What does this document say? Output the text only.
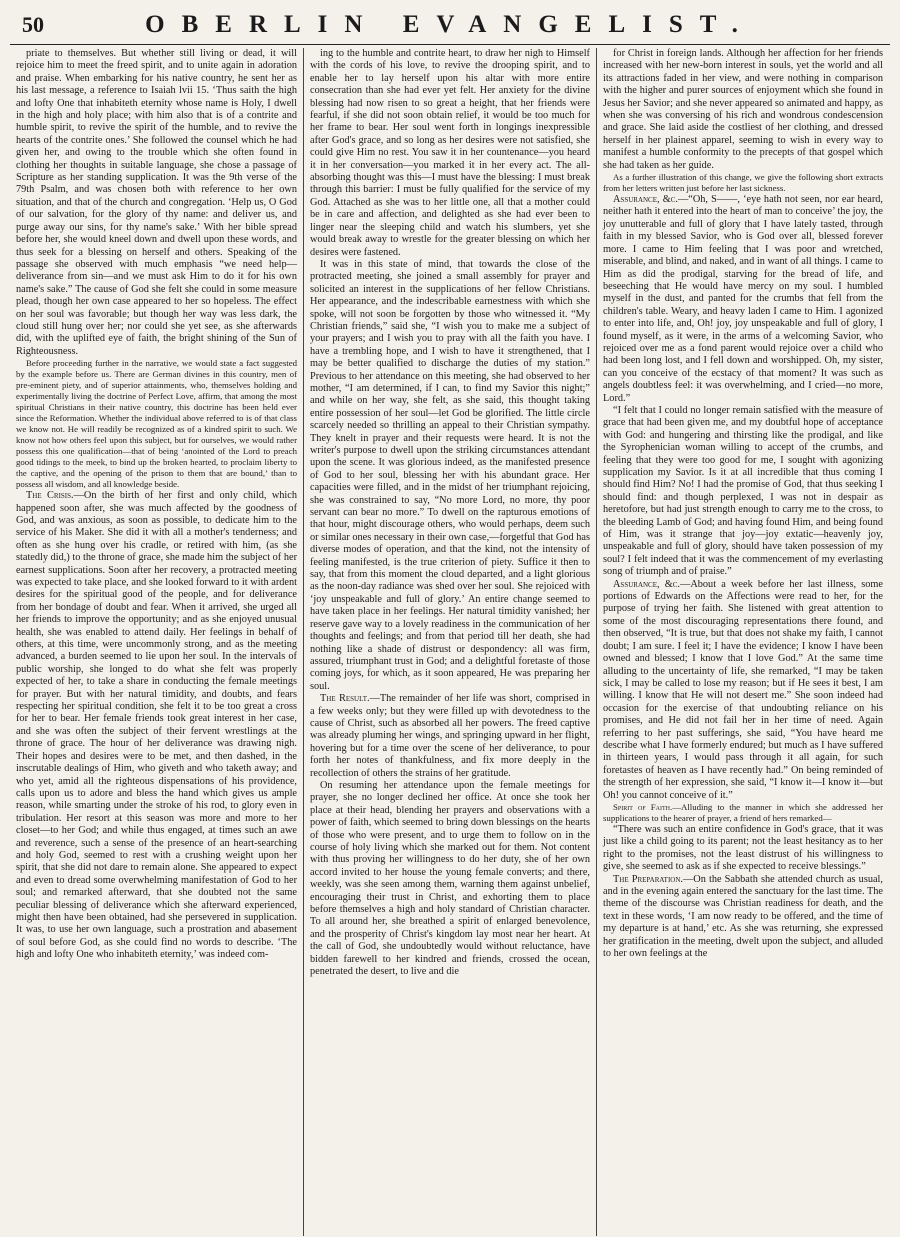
50	OBERLIN EVANGELIST.

priate to themselves. But whether still living or dead, it will rejoice him to meet the freed spirit, and to unite again in adoration and praise. When embarking for his native country, he sent her as his last message, a reference to Isaiah lvii 15. ‘Thus saith the high and lofty One that inhabiteth eternity whose name is Holy, I dwell in the high and holy place; with him also that is of a contrite and humble spirit, to revive the spirit of the humble, and to revive the hearts of the contrite ones.’ She followed the counsel which he had given her, and owing to the trouble which she often found in clothing her thoughts in suitable language, she chose a passage of Scripture as her standing supplication. It was the 9th verse of the 79th Psalm, and was chosen both with reference to her own situation, and that of the church and congregation. ‘Help us, O God of our salvation, for the glory of thy name: and deliver us, and purge away our sins, for thy name's sake.’ With her bible spread before her, she would kneel down and dwell upon these words, and thus seek for a blessing on herself and others. Speaking of the passage she observed with much emphasis “we need help—deliverance from sin—and we must ask Him to do it for his own name's sake.” The cause of God she felt she could in some measure plead, though her own case appeared to her so hopeless. The effect on her soul was favorable; but though her way was less dark, the cloud still hung over her; nor could she yet see, as she afterwards did, with the uplifted eye of faith, the bright shining of the Sun of Righteousness.

Before proceeding further in the narrative, we would state a fact suggested by the example before us. There are German divines in this country, men of pre-eminent piety, and of superior attainments, who, themselves holding and experimentally living the doctrine of Perfect Love, affirm, that among the most spiritual Christians in their native country, this doctrine has been held ever since the Reformation. Whether the individual above referred to is of that class we know not. He will readily be recognized as of a kindred spirit to such. We know not how others feel upon this subject, but for ourselves, we would rather possess this one qualification—that of being ‘anointed of the Lord to preach good tidings to the meek, to bind up the broken hearted, to proclaim liberty to the captive, and the opening of the prison to them that are bound,’ than to possess all wisdom, and all knowledge beside.

The Crisis.—On the birth of her first and only child, which happened soon after, she was much affected by the goodness of God, and was anxious, as soon as possible, to dedicate him to the service of his Maker. She did it with all a mother's tenderness; and often as she hung over his cradle, or retired with him, (as she statedly did,) to the throne of grace, she made him the subject of her earnest supplications. Soon after her recovery, a protracted meeting was expected to take place, and she looked forward to it with ardent desires for the spiritual good of the people, and for deliverance from her bondage of doubt and fear. When it arrived, she urged all her friends to improve the opportunity; and as she enjoyed unusual health, she was enabled to attend daily. Her feelings in behalf of others, at this time, were uncommonly strong, and as the meeting advanced, a burden seemed to lie upon her soul. In the intervals of public worship, she longed to do what she felt was properly expected of her, to take a share in conducting the female meetings for prayer. But with her natural timidity, and doubts, and fears respecting her spiritual condition, she felt it to be too great a cross for her to bear. Her female friends took great interest in her case, and she was often the subject of their fervent wrestlings at the throne of grace. The hour of her deliverance was drawing nigh. Their hopes and desires were to be met, and then dashed, in the inscrutable dealings of Him, who giveth and who taketh away; and who yet, amid all the righteous dispensations of his providence, calls upon us to adore and bless the hand which gives us ample reason, while smarting under the stroke of his rod, to glory even in tribulation. Her resort at this season was more and more to her closet—to her God; and while thus engaged, at times such an awe and reverence, such a sense of the presence of an heart-searching and holy God, seemed to rest with a crushing weight upon her spirit, that she did not dare to remain alone. She appeared to expect and even to dread some overwhelming manifestation of God to her soul; and remarked afterward, that she doubted not the same peculiar blessing of deliverance which she afterward experienced, might then have been obtained, had she persevered in supplication. It was, to use her own language, such a prostration and abasement of soul before God, as she could find no words to describe. ‘The high and lofty One who inhabiteth eternity,’ was indeed com-

ing to the humble and contrite heart, to draw her nigh to Himself with the cords of his love, to revive the drooping spirit, and to enable her to lay herself upon his altar with more entire consecration than she had ever yet felt. Her anxiety for the divine blessing had now risen to so great a height, that her friends were fearful, if she did not soon obtain relief, it would be too much for her frame to bear. Her soul went forth in longings inexpressible after God's grace, and so long as her desires were not satisfied, she could give Him no rest. You saw it in her countenance—you heard it in her conversation—you marked it in her every act. The all-absorbing thought was this—I must have the blessing: I must break through this barrier: I must be fully qualified for the service of my God. Attached as she was to her little one, all that a mother could be in care and affection, and delighted as she had ever been to linger near the sleeping child and watch his slumbers, yet she would break away to wrestle for the greater blessing on which her desires were fastened.

It was in this state of mind, that towards the close of the protracted meeting, she joined a small assembly for prayer and solicited an interest in the supplications of her fellow Christians. Her appearance, and the indescribable earnestness with which she spoke, will not soon be forgotten by those who witnessed it. “My Christian friends,” said she, “I wish you to make me a subject of your prayers; and I wish you to pray with all the faith you have. I have a trembling hope, and I wish to have it strengthened, that I may be better qualified to discharge the duties of my station.” Previous to her attendance on this meeting, she had observed to her mother, “I am determined, if I can, to find my Savior this night;” and while on her way, she felt, as she said, this thought taking entire possession of her soul—let God be glorified. The little circle scarcely needed so thrilling an appeal to their Christian sympathy. They knelt in prayer and their requests were heard. It is not the writer's purpose to dwell upon the striking circumstances attendant upon the scene. It was glorious indeed, as the manifested presence of God to her soul, blessing her with his abundant grace. Her capacities were filled, and in the midst of her triumphant rejoicing, she was constrained to say, “No more Lord, no more, thy poor servant can bear no more.” To dwell on the rapturous emotions of that hour, might discourage others, who would perhaps, deem such or similar ones necessary in their own case,—forgetful that God has diverse modes of operation, and that the kind, not the intensity of feeling manifested, is the true criterion of piety. Suffice it then to say, that from this moment the cloud departed, and a light glorious as the noon-day radiance was shed over her soul. She rejoiced with ‘joy unspeakable and full of glory.’ An entire change seemed to have taken place in her feelings. Her natural timidity vanished; her reserve gave way to a lovely readiness in the communication of her thoughts and feelings; and from that period till her death, she had nothing like a shade of distrust or despondency: all was firm, assured, triumphant trust in God; and a delightful foretaste of those coming joys, for which, as it soon appeared, He was preparing her soul.

The Result.—The remainder of her life was short, comprised in a few weeks only; but they were filled up with devotedness to the cause of Christ, such as absorbed all her powers. The freed captive was already pluming her wings, and springing upward in her flight, hovering but for a time over the scene of her deliverance, to pour forth her notes of thankfulness, and fix more deeply in the recollection of others the strains of her gratitude.

On resuming her attendance upon the female meetings for prayer, she no longer declined her office. At once she took her place at their head, blending her prayers and observations with a power of faith, which seemed to bring down blessings on the hearts of those who were present, and to urge them to follow on in the course of holy living which she marked out for them. Not content with thus proving her willingness to do her duty, she of her own accord invited to her house the young female converts; and there, weekly, was she seen among them, warning them against unbelief, encouraging their trust in Christ, and exhorting them to place before themselves a high and holy standard of Christian character. To all around her, she breathed a spirit of enlarged benevolence, and the prosperity of Christ's kingdom lay most near her heart. At the call of God, she undoubtedly would without reluctance, have bidden farewell to her kindred and friends, crossed the ocean, penetrated the desert, to live and die

for Christ in foreign lands. Although her affection for her friends increased with her new-born interest in souls, yet the world and all its attractions faded in her view, and were nothing in comparison with the higher and purer sources of enjoyment which she found in Jesus her Savior; and she never appeared so animated and happy, as when she was conversing of his rich and wondrous condescension and grace. She laid aside the costliest of her clothing, and dressed herself in her plainest apparel, seeming to wish in every way to manifest a humble conformity to the precepts of that gospel which she had taken as her guide.

As a further illustration of this change, we give the following short extracts from her letters written just before her last sickness.

Assurance, &c.—“Oh, S——, ‘eye hath not seen, nor ear heard, neither hath it entered into the heart of man to conceive’ the joy, the joy unutterable and full of glory that I have lately tasted, through faith in my blessed Savior, who is God over all, blessed forever more. I came to Him feeling that I was poor and wretched, miserable, and blind, and naked, and in want of all things. I came to Him as did the prodigal, starving for the bread of life, and beseeching that He would have mercy on my soul. I humbled myself in the dust, and panted for the crumbs that fell from the children's table. Weary, and heavy laden I came to Him. I agonized to enter into life, and, Oh! joy, joy unspeakable and full of glory, I found myself, as it were, in the arms of a welcoming Savior, who rejoiced over me as a fond parent would rejoice over a child who had been long lost, and I fell down and worshipped. Oh, my sister, can you conceive of the ecstacy of that moment? It was such as angels doubtless feel: it was overwhelming, and I cried—no more, Lord.”

“I felt that I could no longer remain satisfied with the measure of grace that had been given me, and my doubtful hope of acceptance with God: and hungering and thirsting like the prodigal, and like the Syrophenician woman willing to accept of the crumbs, and feeling that they were too good for me, I sought with agonizing supplication my Savior. Is it at all incredible that thus coming I should find Him? No! I had the promise of God, that thus seeking I should find: and though perplexed, I was not in despair as heretofore, but had just strength enough to carry me to the cross, to the bleeding Lamb of God; and having found Him, and being found of Him, was it strange that joy—joy extatic—heavenly joy, unspeakable and full of glory, should have taken possession of my soul? I felt indeed that it was the commencement of my everlasting song of triumph and of praise.”

Assurance, &c.—About a week before her last illness, some portions of Edwards on the Affections were read to her, for the purpose of trying her faith. She listened with great attention to some of the most discouraging representations there found, and then observed, “It is true, but that does not shake my faith, I cannot doubt; I am sure. I feel it; I have the evidence; I know I have been owned and blessed; I know that I love God.” At the same time alluding to the uncertainty of life, she remarked, “I may be taken sick, I may be called to lose my reason; but if He sees it best, I am willing. I know that He will not desert me.” She soon indeed had occasion for the exercise of that undoubting reliance on his promises, and He did not fail her in her time of need. Again referring to her past sufferings, she said, “You have heard me describe what I have formerly endured; but much as I have suffered in thirteen years, I would pass through it all again, for such foretastes of heaven as I have recently had.” On being reminded of the strength of her expression, she said, “I know it—I know it—but Oh! you cannot conceive of it.”

Spirit of Faith.—Alluding to the manner in which she addressed her supplications to the hearer of prayer, a friend of hers remarked—

“There was such an entire confidence in God's grace, that it was just like a child going to its parent; not the least hesitancy as to her right to the promises, not the least distrust of his willingness to give, she seemed to ask as if she expected to receive blessings.”

The Preparation.—On the Sabbath she attended church as usual, and in the evening again entered the sanctuary for the last time. The theme of the discourse was Christian readiness for death, and the text in these words, ‘I am now ready to be offered, and the time of my departure is at hand,’ etc. As she was returning, she expressed her gratification in the meeting, dwelt upon the subject, and alluded to her own feelings at the
